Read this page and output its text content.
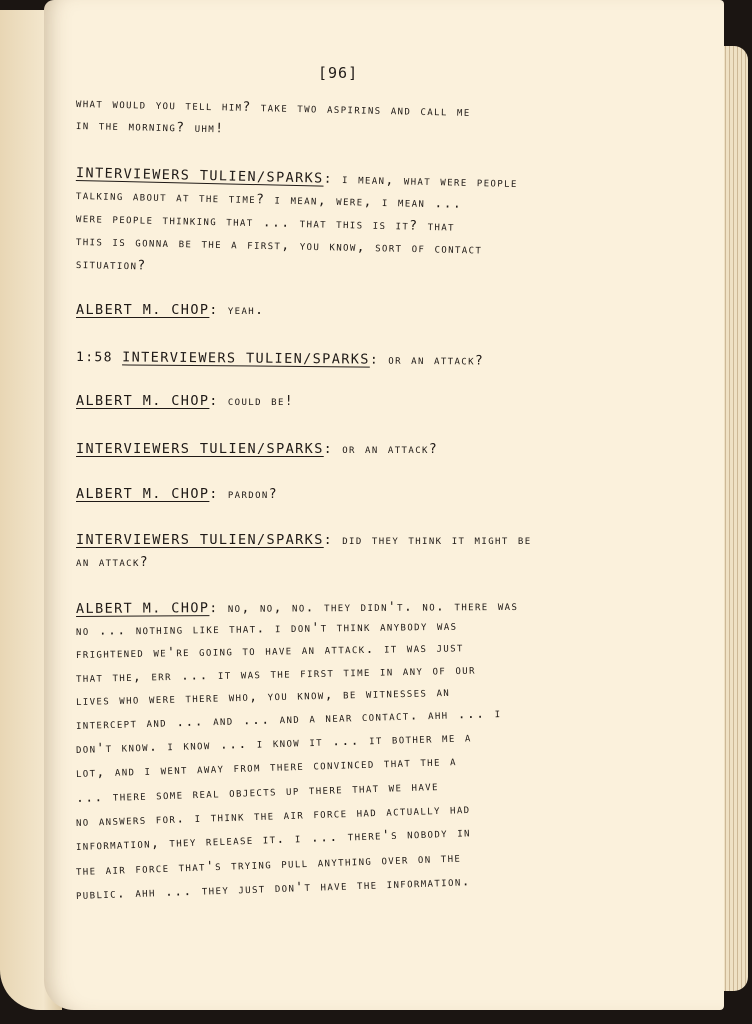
[96]
what would you tell him? take two aspirins and call me
in the morning? uhm!
INTERVIEWERS TULIEN/SPARKS: i mean, what were people
talking about at the time? i mean, were, i mean ...
were people thinking that ... that this is it? that
this is gonna be the a first, you know, sort of contact
situation?
ALBERT M. CHOP: yeah.
1:58 INTERVIEWERS TULIEN/SPARKS: or an attack?
ALBERT M. CHOP: could be!
INTERVIEWERS TULIEN/SPARKS: or an attack?
ALBERT M. CHOP: pardon?
INTERVIEWERS TULIEN/SPARKS: did they think it might be
an attack?
ALBERT M. CHOP: no, no, no. they didn't. no. there was
no ... nothing like that. i don't think anybody was
frightened we're going to have an attack. it was just
that the, err ... it was the first time in any of our
lives who were there who, you know, be witnesses an
intercept and ... and ... and a near contact. ahh ... i
don't know. i know ... i know it ... it bother me a
lot, and i went away from there convinced that the a
... there some real objects up there that we have
no answers for. i think the air force had actually had
information, they release it. i ... there's nobody in
the air force that's trying pull anything over on the
public. ahh ... they just don't have the information.
